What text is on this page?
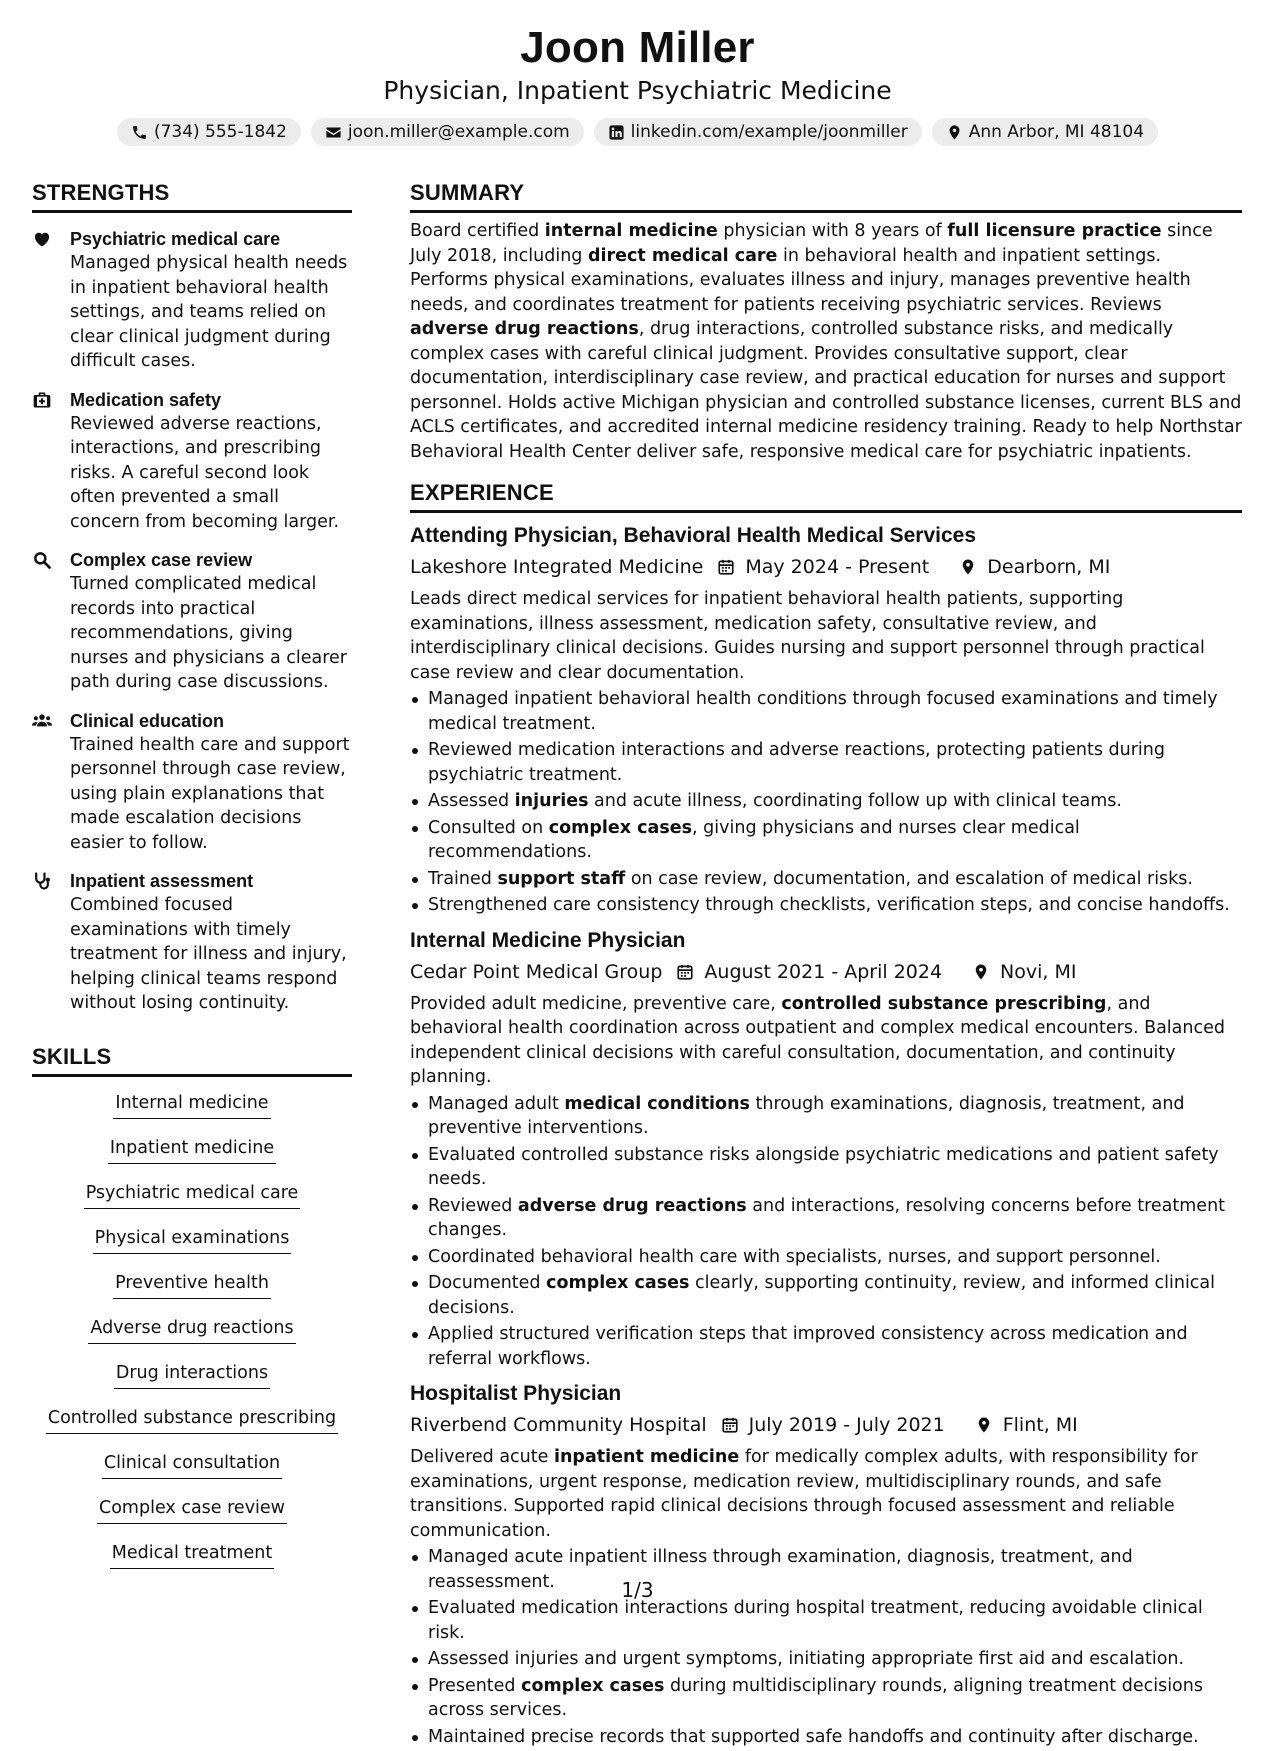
Joon Miller
Physician, Inpatient Psychiatric Medicine
(734) 555-1842	joon.miller@example.com	linkedin.com/example/joonmiller	Ann Arbor, MI 48104
STRENGTHS
Psychiatric medical care
Managed physical health needs in inpatient behavioral health settings, and teams relied on clear clinical judgment during difficult cases.
Medication safety
Reviewed adverse reactions, interactions, and prescribing risks. A careful second look often prevented a small concern from becoming larger.
Complex case review
Turned complicated medical records into practical recommendations, giving nurses and physicians a clearer path during case discussions.
Clinical education
Trained health care and support personnel through case review, using plain explanations that made escalation decisions easier to follow.
Inpatient assessment
Combined focused examinations with timely treatment for illness and injury, helping clinical teams respond without losing continuity.
SKILLS
Internal medicine
Inpatient medicine
Psychiatric medical care
Physical examinations
Preventive health
Adverse drug reactions
Drug interactions
Controlled substance prescribing
Clinical consultation
Complex case review
Medical treatment
SUMMARY
Board certified internal medicine physician with 8 years of full licensure practice since July 2018, including direct medical care in behavioral health and inpatient settings. Performs physical examinations, evaluates illness and injury, manages preventive health needs, and coordinates treatment for patients receiving psychiatric services. Reviews adverse drug reactions, drug interactions, controlled substance risks, and medically complex cases with careful clinical judgment. Provides consultative support, clear documentation, interdisciplinary case review, and practical education for nurses and support personnel. Holds active Michigan physician and controlled substance licenses, current BLS and ACLS certificates, and accredited internal medicine residency training. Ready to help Northstar Behavioral Health Center deliver safe, responsive medical care for psychiatric inpatients.
EXPERIENCE
Attending Physician, Behavioral Health Medical Services
Lakeshore Integrated Medicine May 2024 - Present	Dearborn, MI
Leads direct medical services for inpatient behavioral health patients, supporting examinations, illness assessment, medication safety, consultative review, and interdisciplinary clinical decisions. Guides nursing and support personnel through practical case review and clear documentation.
Managed inpatient behavioral health conditions through focused examinations and timely medical treatment.
Reviewed medication interactions and adverse reactions, protecting patients during psychiatric treatment.
Assessed injuries and acute illness, coordinating follow up with clinical teams.
Consulted on complex cases, giving physicians and nurses clear medical recommendations.
Trained support staff on case review, documentation, and escalation of medical risks.
Strengthened care consistency through checklists, verification steps, and concise handoffs.
Internal Medicine Physician
Cedar Point Medical Group August 2021 - April 2024	Novi, MI
Provided adult medicine, preventive care, controlled substance prescribing, and behavioral health coordination across outpatient and complex medical encounters. Balanced independent clinical decisions with careful consultation, documentation, and continuity planning.
Managed adult medical conditions through examinations, diagnosis, treatment, and preventive interventions.
Evaluated controlled substance risks alongside psychiatric medications and patient safety needs.
Reviewed adverse drug reactions and interactions, resolving concerns before treatment changes.
Coordinated behavioral health care with specialists, nurses, and support personnel.
Documented complex cases clearly, supporting continuity, review, and informed clinical decisions.
Applied structured verification steps that improved consistency across medication and referral workflows.
Hospitalist Physician
Riverbend Community Hospital July 2019 - July 2021	Flint, MI
Delivered acute inpatient medicine for medically complex adults, with responsibility for examinations, urgent response, medication review, multidisciplinary rounds, and safe transitions. Supported rapid clinical decisions through focused assessment and reliable communication.
Managed acute inpatient illness through examination, diagnosis, treatment, and reassessment.
Evaluated medication interactions during hospital treatment, reducing avoidable clinical risk.
Assessed injuries and urgent symptoms, initiating appropriate first aid and escalation.
Presented complex cases during multidisciplinary rounds, aligning treatment decisions across services.
Maintained precise records that supported safe handoffs and continuity after discharge.
1/3
